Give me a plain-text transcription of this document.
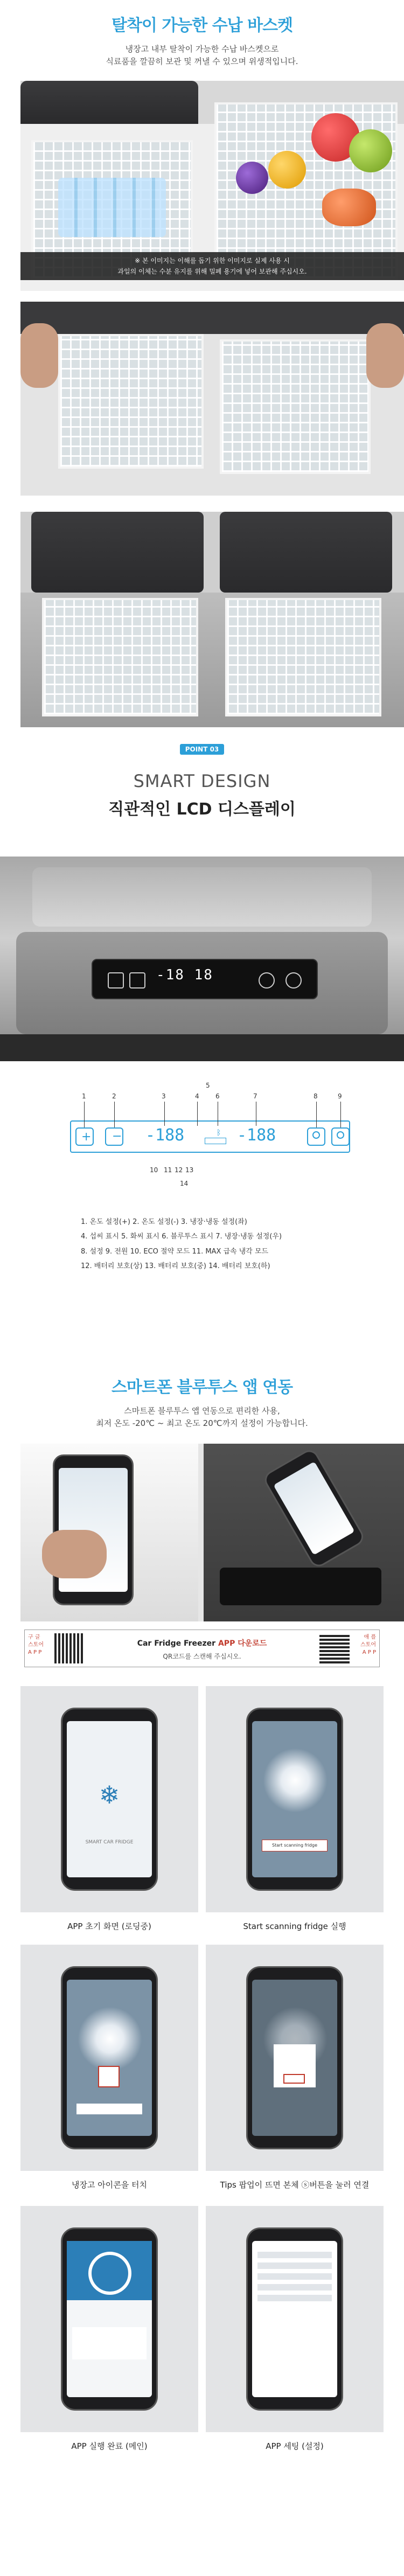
탈착이 가능한 수납 바스켓
냉장고 내부 탈착이 가능한 수납 바스켓으로
식료품을 깔끔히 보관 및 꺼낼 수 있으며 위생적입니다.
※ 본 이미지는 이해를 돕기 위한 이미지로 실제 사용 시
과일의 이체는 수분 유지를 위해 밀폐 용기에 넣어 보관해 주십시오.
POINT 03
SMART DESIGN
직관적인 LCD 디스플레이
-18 18
+ − -188	-188
ᛒ
1	2	3	4
5
6	7	8	9
10 11 12 13
14
1. 온도 설정(+) 2. 온도 설정(-) 3. 냉장·냉동 설정(좌)
4. 섭씨 표시 5. 화씨 표시 6. 블루투스 표시 7. 냉장·냉동 설정(우)
8. 설정 9. 전원 10. ECO 절약 모드 11. MAX 급속 냉각 모드
12. 배터리 보호(상) 13. 배터리 보호(중) 14. 배터리 보호(하)
스마트폰 블루투스 앱 연동
스마트폰 블루투스 앱 연동으로 편리한 사용,
최저 온도 -20℃ ~ 최고 온도 20℃까지 설정이 가능합니다.
구 글
스토어
A P P
Car Fridge Freezer APP 다운로드
QR코드를 스캔해 주십시오.
애 플
스토어
A P P
❄
SMART CAR FRIDGE
APP 초기 화면 (로딩중)
Start scanning fridge
Start scanning fridge 실행
냉장고 아이콘을 터치	Tips 팝업이 뜨면 본체 ⓢ버튼을 눌러 연결
APP 실행 완료 (메인)	APP 세팅 (설정)
